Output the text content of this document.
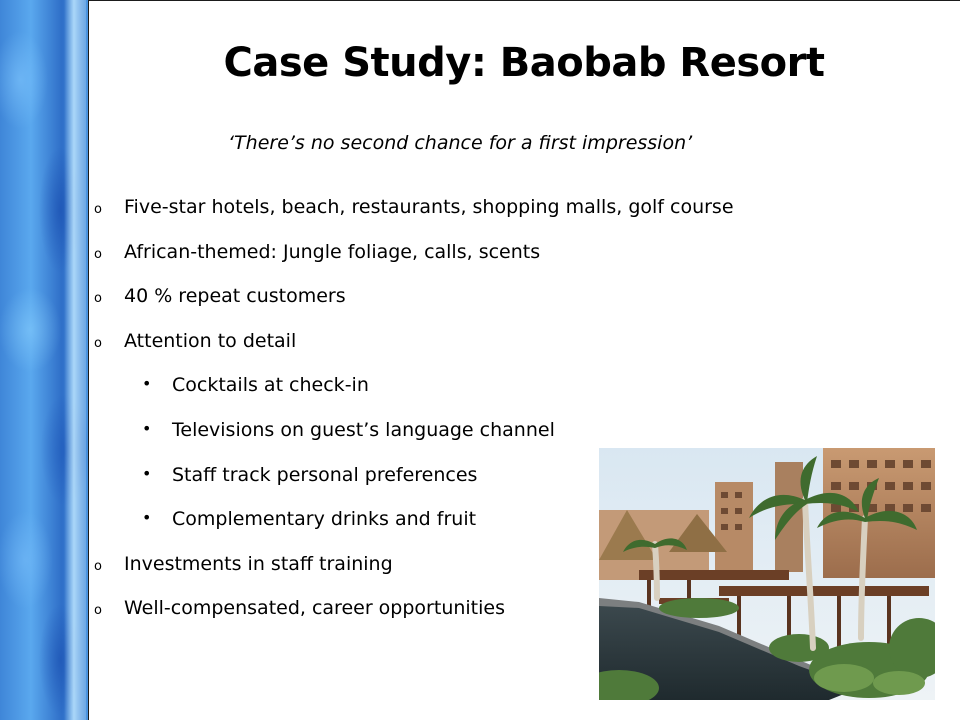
Case Study: Baobab Resort
‘There’s no second chance for a first impression’
o Five-star hotels, beach, restaurants, shopping malls, golf course
o African-themed: Jungle foliage, calls, scents
o 40 % repeat customers
o Attention to detail
• Cocktails at check-in
• Televisions on guest’s language channel
• Staff track personal preferences
• Complementary drinks and fruit
o Investments in staff training
o Well-compensated, career opportunities
